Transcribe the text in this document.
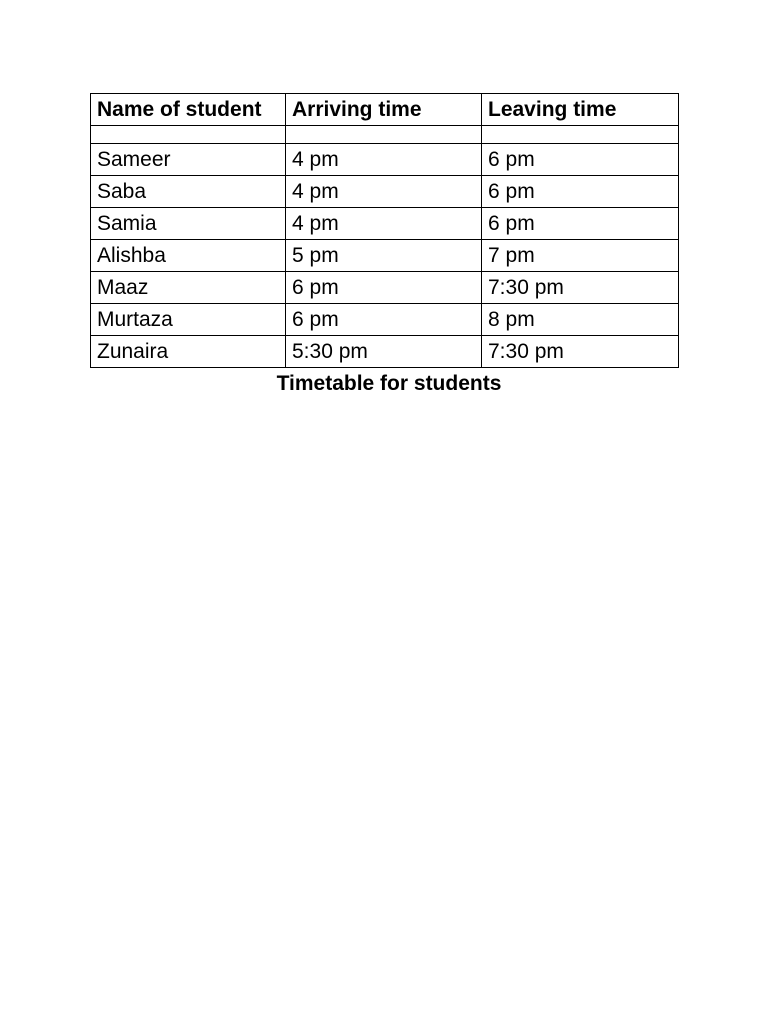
Name of student	Arriving time	Leaving time

Sameer	4 pm	6 pm
Saba	4 pm	6 pm
Samia	4 pm	6 pm
Alishba	5 pm	7 pm
Maaz	6 pm	7:30 pm
Murtaza	6 pm	8 pm
Zunaira	5:30 pm	7:30 pm
Timetable for students
